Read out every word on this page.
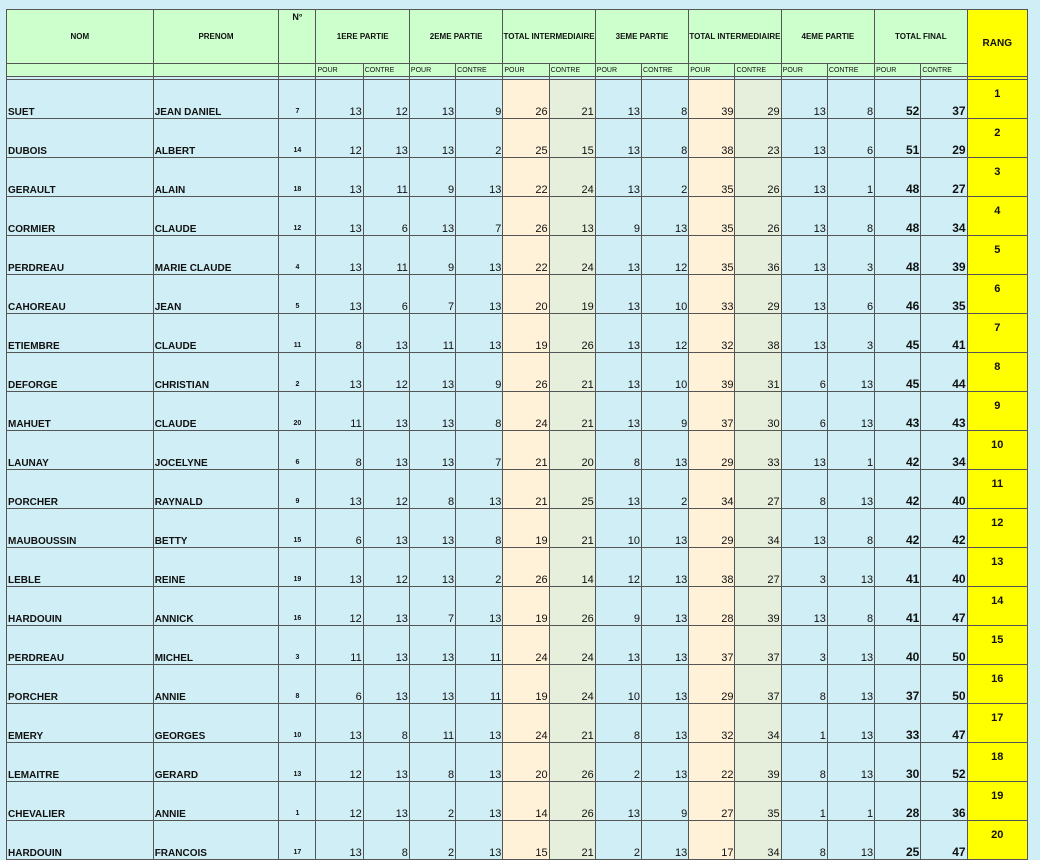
NOM	PRENOM	N°	1ERE PARTIE		2EME PARTIE		TOTAL INTERMEDIAIRE		3EME PARTIE		TOTAL INTERMEDIAIRE		4EME PARTIE		TOTAL FINAL		RANG
			POUR	CONTRE	POUR	CONTRE	POUR	CONTRE	POUR	CONTRE	POUR	CONTRE	POUR	CONTRE	POUR	CONTRE	

SUET	JEAN DANIEL	7	13	12	13	9	26	21	13	8	39	29	13	8	52	37	1
DUBOIS	ALBERT	14	12	13	13	2	25	15	13	8	38	23	13	6	51	29	2
GERAULT	ALAIN	18	13	11	9	13	22	24	13	2	35	26	13	1	48	27	3
CORMIER	CLAUDE	12	13	6	13	7	26	13	9	13	35	26	13	8	48	34	4
PERDREAU	MARIE CLAUDE	4	13	11	9	13	22	24	13	12	35	36	13	3	48	39	5
CAHOREAU	JEAN	5	13	6	7	13	20	19	13	10	33	29	13	6	46	35	6
ETIEMBRE	CLAUDE	11	8	13	11	13	19	26	13	12	32	38	13	3	45	41	7
DEFORGE	CHRISTIAN	2	13	12	13	9	26	21	13	10	39	31	6	13	45	44	8
MAHUET	CLAUDE	20	11	13	13	8	24	21	13	9	37	30	6	13	43	43	9
LAUNAY	JOCELYNE	6	8	13	13	7	21	20	8	13	29	33	13	1	42	34	10
PORCHER	RAYNALD	9	13	12	8	13	21	25	13	2	34	27	8	13	42	40	11
MAUBOUSSIN	BETTY	15	6	13	13	8	19	21	10	13	29	34	13	8	42	42	12
LEBLE	REINE	19	13	12	13	2	26	14	12	13	38	27	3	13	41	40	13
HARDOUIN	ANNICK	16	12	13	7	13	19	26	9	13	28	39	13	8	41	47	14
PERDREAU	MICHEL	3	11	13	13	11	24	24	13	13	37	37	3	13	40	50	15
PORCHER	ANNIE	8	6	13	13	11	19	24	10	13	29	37	8	13	37	50	16
EMERY	GEORGES	10	13	8	11	13	24	21	8	13	32	34	1	13	33	47	17
LEMAITRE	GERARD	13	12	13	8	13	20	26	2	13	22	39	8	13	30	52	18
CHEVALIER	ANNIE	1	12	13	2	13	14	26	13	9	27	35	1	1	28	36	19
HARDOUIN	FRANCOIS	17	13	8	2	13	15	21	2	13	17	34	8	13	25	47	20
